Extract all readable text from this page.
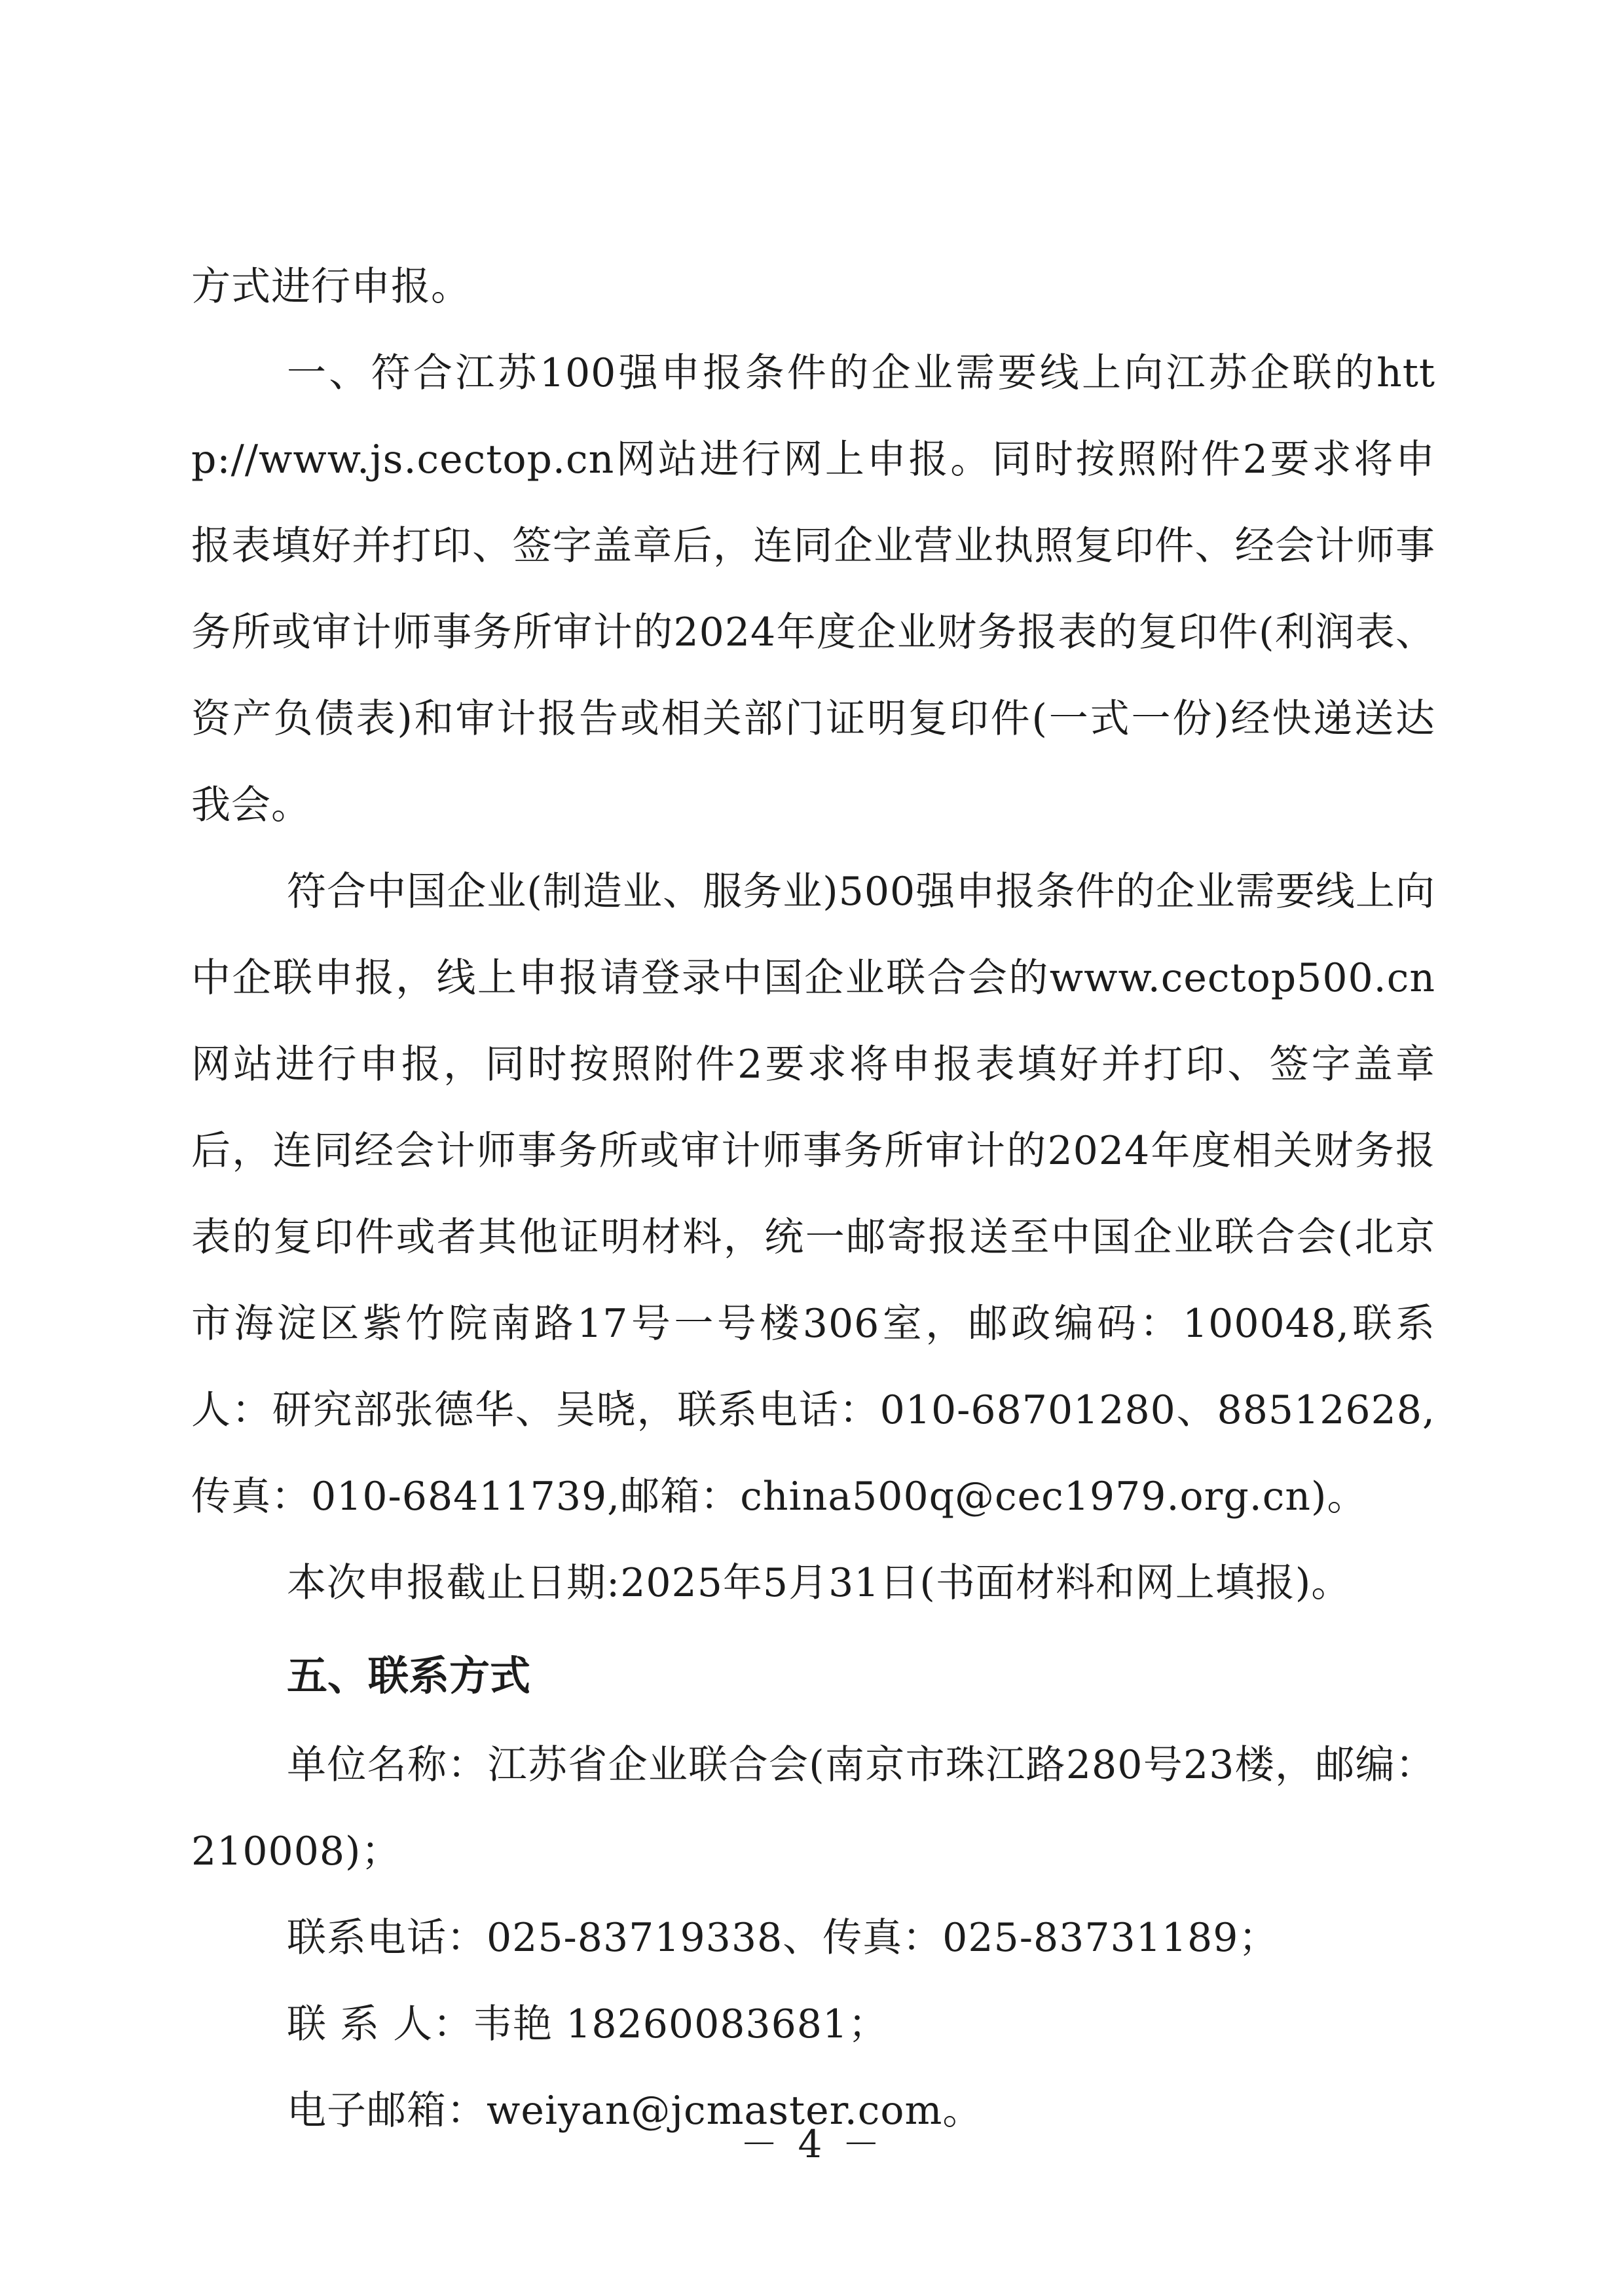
方式进行申报。

一、符合江苏100强申报条件的企业需要线上向江苏企联的http://www.js.cectop.cn网站进行网上申报。同时按照附件2要求将申报表填好并打印、签字盖章后，连同企业营业执照复印件、经会计师事务所或审计师事务所审计的2024年度企业财务报表的复印件(利润表、资产负债表)和审计报告或相关部门证明复印件(一式一份)经快递送达我会。

符合中国企业(制造业、服务业)500强申报条件的企业需要线上向中企联申报，线上申报请登录中国企业联合会的www.cectop500.cn网站进行申报，同时按照附件2要求将申报表填好并打印、签字盖章后，连同经会计师事务所或审计师事务所审计的2024年度相关财务报表的复印件或者其他证明材料，统一邮寄报送至中国企业联合会(北京市海淀区紫竹院南路17号一号楼306室，邮政编码：100048,联系人：研究部张德华、吴晓，联系电话：010-68701280、88512628,传真：010-68411739,邮箱：china500q@cec1979.org.cn)。

本次申报截止日期:2025年5月31日(书面材料和网上填报)。

五、联系方式

单位名称：江苏省企业联合会(南京市珠江路280号23楼，邮编：210008)；

联系电话：025-83719338、传真：025-83731189；

联 系 人：韦艳 18260083681；

电子邮箱：weiyan@jcmaster.com。

－ 4 －
